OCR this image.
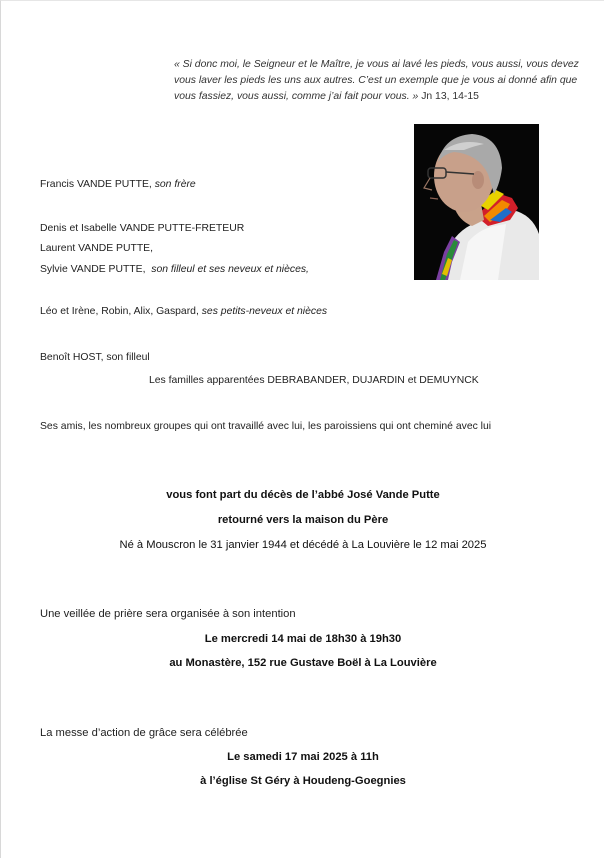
« Si donc moi, le Seigneur et le Maître, je vous ai lavé les pieds, vous aussi, vous devez vous laver les pieds les uns aux autres. C’est un exemple que je vous ai donné afin que vous fassiez, vous aussi, comme j’ai fait pour vous. » Jn 13, 14-15
Francis VANDE PUTTE, son frère
Denis et Isabelle VANDE PUTTE-FRETEUR
Laurent VANDE PUTTE,
Sylvie VANDE PUTTE,  son filleul et ses neveux et nièces,
Léo et Irène, Robin, Alix, Gaspard, ses petits-neveux et nièces
Benoît HOST, son filleul
Les familles apparentées DEBRABANDER, DUJARDIN et DEMUYNCK
Ses amis, les nombreux groupes qui ont travaillé avec lui, les paroissiens qui ont cheminé avec lui
vous font part du décès de l’abbé José Vande Putte
retourné vers la maison du Père
Né à Mouscron le 31 janvier 1944 et décédé à La Louvière le 12 mai 2025
Une veillée de prière sera organisée à son intention
Le mercredi 14 mai de 18h30 à 19h30
au Monastère, 152 rue Gustave Boël à La Louvière
La messe d’action de grâce sera célébrée
Le samedi 17 mai 2025 à 11h
à l’église St Géry à Houdeng-Goegnies
